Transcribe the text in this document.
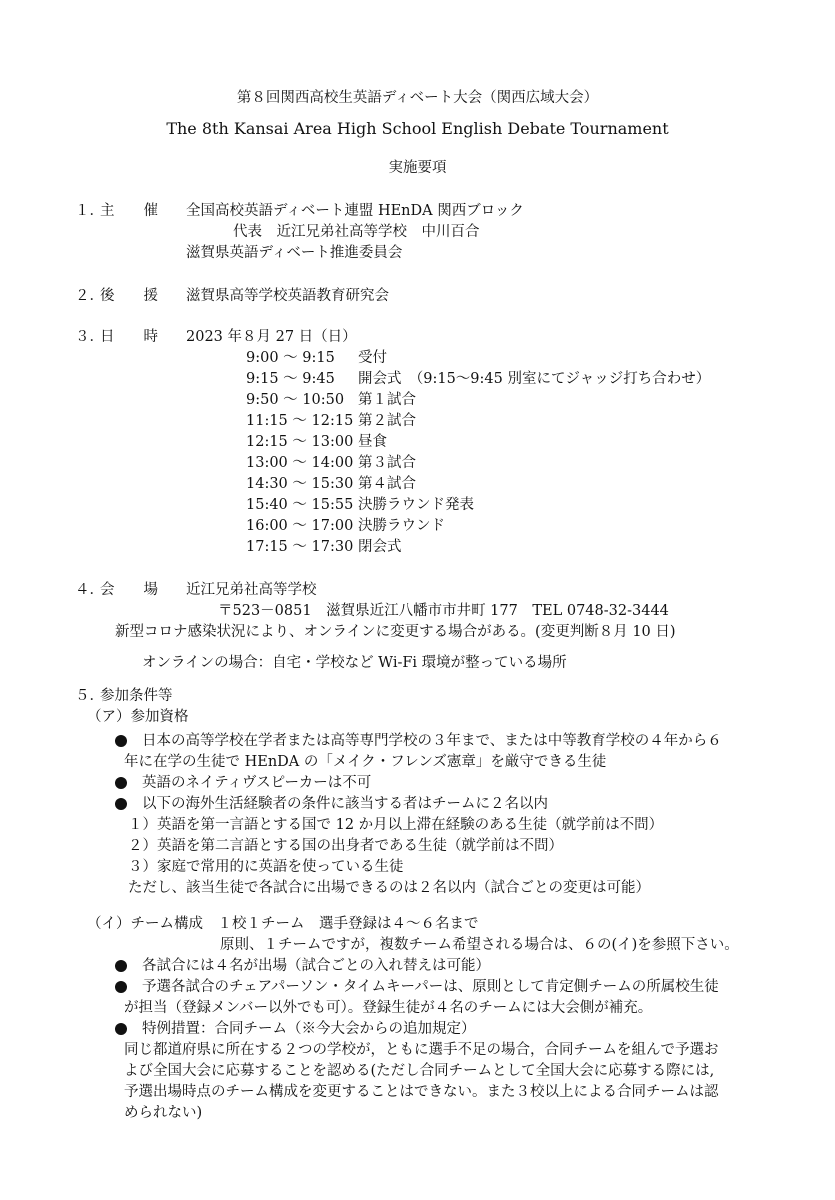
第８回関西高校生英語ディベート大会（関西広域大会）
The 8th Kansai Area High School English Debate Tournament
実施要項
１．
主　　催 全国高校英語ディベート連盟 HEnDA 関西ブロック
代表　近江兄弟社高等学校　中川百合
滋賀県英語ディベート推進委員会
２．
後　　援 滋賀県高等学校英語教育研究会
３．
日　　時 2023 年８月 27 日（日）
9:00 ～ 9:15 受付
9:15 ～ 9:45 開会式　（9:15～9:45 別室にてジャッジ打ち合わせ）
9:50 ～ 10:50 第１試合
11:15 ～ 12:15 第２試合
12:15 ～ 13:00 昼食
13:00 ～ 14:00 第３試合
14:30 ～ 15:30 第４試合
15:40 ～ 15:55 決勝ラウンド発表
16:00 ～ 17:00 決勝ラウンド
17:15 ～ 17:30 閉会式
４．
会　　場 近江兄弟社高等学校
〒523－0851　滋賀県近江八幡市市井町 177　TEL 0748-32-3444
新型コロナ感染状況により、オンラインに変更する場合がある。(変更判断８月 10 日)
オンラインの場合：自宅・学校など Wi-Fi 環境が整っている場所
５．
参加条件等
（ア）参加資格
日本の高等学校在学者または高等専門学校の３年まで、または中等教育学校の４年から６
年に在学の生徒で HEnDA の「メイク・フレンズ憲章」を厳守できる生徒
英語のネイティヴスピーカーは不可
以下の海外生活経験者の条件に該当する者はチームに２名以内
１）英語を第一言語とする国で 12 か月以上滞在経験のある生徒（就学前は不問）
２）英語を第二言語とする国の出身者である生徒（就学前は不問）
３）家庭で常用的に英語を使っている生徒
ただし、該当生徒で各試合に出場できるのは２名以内（試合ごとの変更は可能）
（イ）チーム構成　１校１チーム　選手登録は４～６名まで
原則、１チームですが，複数チーム希望される場合は、６の(イ)を参照下さい。
各試合には４名が出場（試合ごとの入れ替えは可能）
予選各試合のチェアパーソン・タイムキーパーは、原則として肯定側チームの所属校生徒
が担当（登録メンバー以外でも可）。登録生徒が４名のチームには大会側が補充。
特例措置：合同チーム（※今大会からの追加規定）
同じ都道府県に所在する２つの学校が，ともに選手不足の場合，合同チームを組んで予選お
よび全国大会に応募することを認める(ただし合同チームとして全国大会に応募する際には,
予選出場時点のチーム構成を変更することはできない。また３校以上による合同チームは認
められない)
